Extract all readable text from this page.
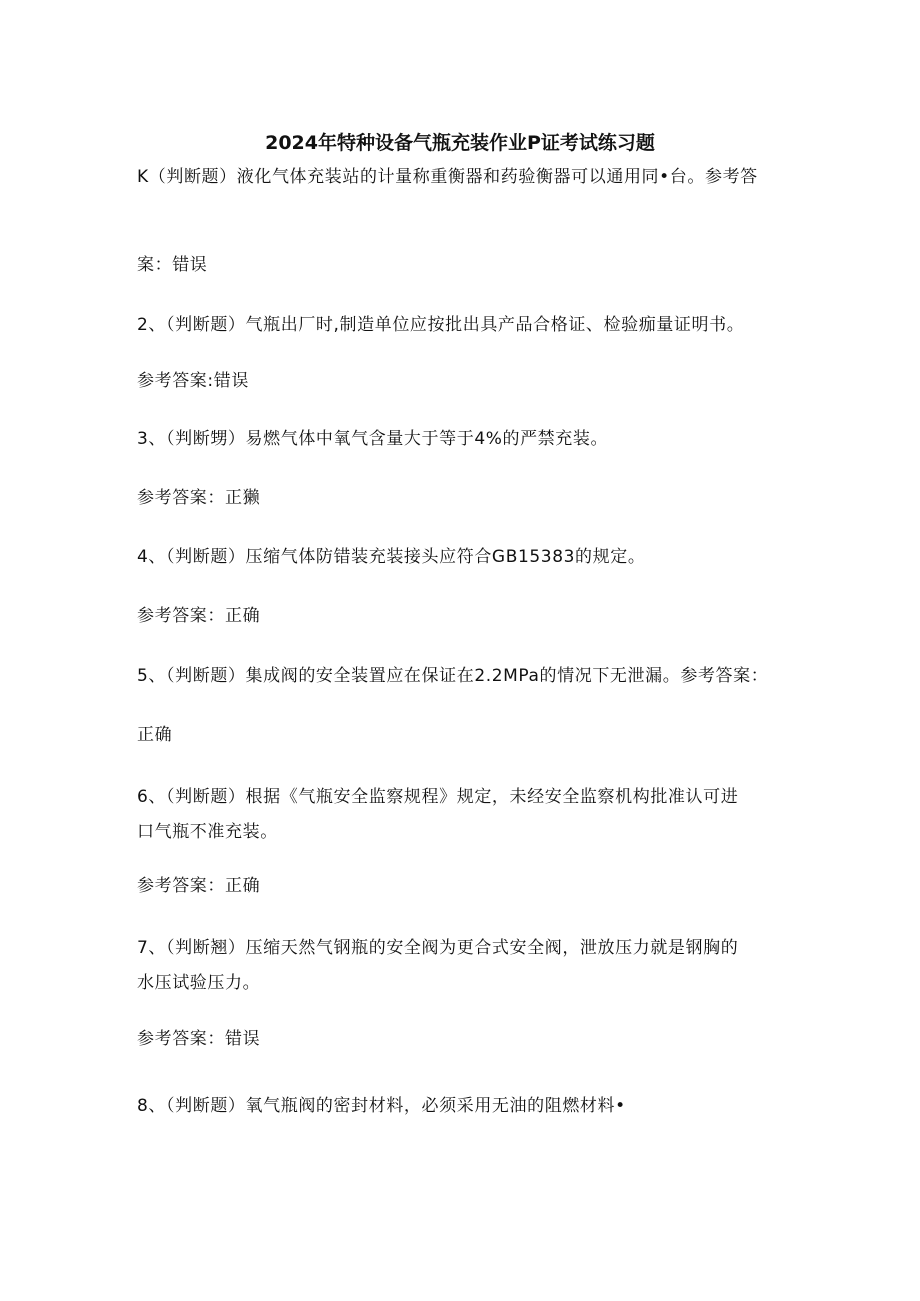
2024年特种设备气瓶充装作业P证考试练习题
K（判断题）液化气体充装站的计量称重衡器和药验衡器可以通用同•台。参考答
案：错误
2、（判断题）气瓶出厂时,制造单位应按批出具产品合格证、检验痂量证明书。
参考答案:错误
3、（判断甥）易燃气体中氧气含量大于等于4%的严禁充装。
参考答案：正獭
4、（判断题）压缩气体防错装充装接头应符合GB15383的规定。
参考答案：正确
5、（判断题）集成阀的安全装置应在保证在2.2MPa的情况下无泄漏。参考答案：
正确
6、（判断题）根据《气瓶安全监察规程》规定，未经安全监察机构批准认可进
口气瓶不准充装。
参考答案：正确
7、（判断翘）压缩天然气钢瓶的安全阀为更合式安全阀，泄放压力就是钢胸的
水压试验压力。
参考答案：错误
8、（判断题）氧气瓶阀的密封材料，必须采用无油的阻燃材料•
